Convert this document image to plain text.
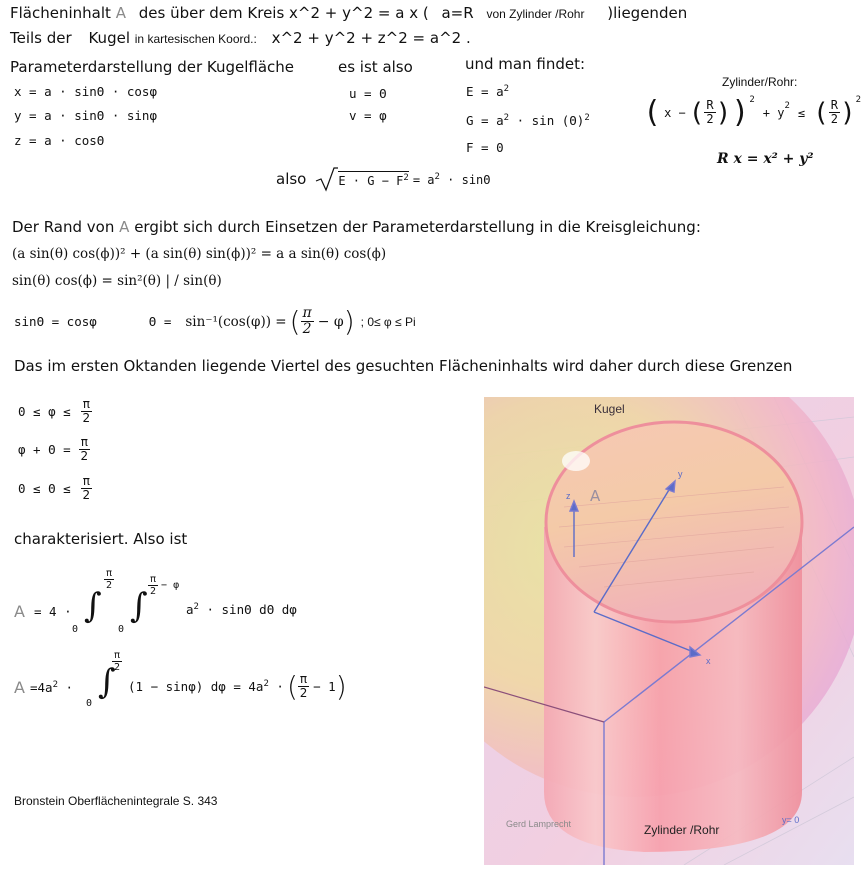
Flächeninhalt A des über dem Kreis x^2 + y^2 = a x ( a=R von Zylinder /Rohr )liegenden
Teils der Kugel in kartesischen Koord.: x^2 + y^2 + z^2 = a^2 .
Parameterdarstellung der Kugelfläche
x = a · sinΘ · cosφ
y = a · sinΘ · sinφ
z = a · cosΘ
es ist also
u = Θ
v = φ
und man findet:
$E = a^2$
$G = a^2 \cdot \sin (\Theta)^2$
F = 0
Zylinder/Rohr:
( x − ( $\frac{R}{2}$ ) )$^2$
+ $y^2$ ≤ ( $\frac{R}{2} )^2$
R x = x² + y²
also	$E \cdot G - F^2 = a^2 \cdot \sin\Theta$
Der Rand von A ergibt sich durch Einsetzen der Parameterdarstellung in die Kreisgleichung:
(a sin(θ) cos(ϕ))² + (a sin(θ) sin(ϕ))² = a a sin(θ) cos(ϕ)
sin(θ) cos(ϕ) = sin²(θ) | / sin(θ)
sinΘ = cosφ	Θ = sin⁻¹(cos(φ)) = ( $\frac{\pi}{2} - \varphi$ ) ; 0≤ φ ≤ Pi
Das im ersten Oktanden liegende Viertel des gesuchten Flächeninhalts wird daher durch diese Grenzen
$0 \le \varphi \le \frac{\pi}{2}$
$\varphi + \Theta = \frac{\pi}{2}$
$0 \le \Theta \le \frac{\pi}{2}$
charakterisiert. Also ist
A = 4 · ∫
0
$\frac{\pi}{2}$
∫
0
$\frac{\pi}{2} - \varphi$
$a^2 \cdot \sin\Theta$ dΘ dφ
$A =4a^2$ · ∫
0
$\frac{\pi}{2}$
(1 − sinφ) $d\varphi = 4a^2$ · ( $\frac{\pi}{2} - 1$ )
Bronstein Oberflächenintegrale S. 343
Kugel
Zylinder /Rohr
Gerd Lamprecht	y= 0
x
y
z A
